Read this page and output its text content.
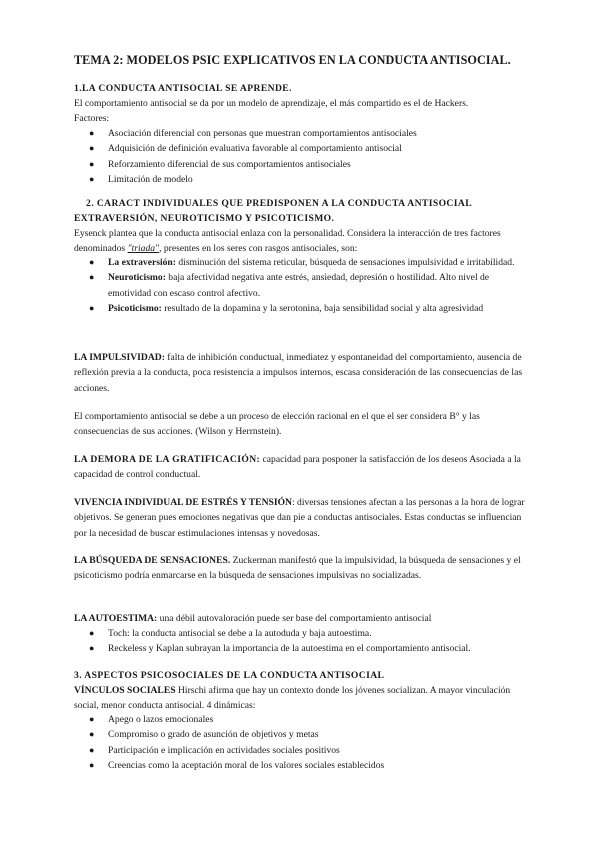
TEMA 2: MODELOS PSIC EXPLICATIVOS EN LA CONDUCTA ANTISOCIAL.

1.LA CONDUCTA ANTISOCIAL SE APRENDE.

El comportamiento antisocial se da por un modelo de aprendizaje, el más compartido es el de Hackers.
Factores:

● Asociación diferencial con personas que muestran comportamientos antisociales
● Adquisición de definición evaluativa favorable al comportamiento antisocial
● Reforzamiento diferencial de sus comportamientos antisociales
● Limitación de modelo

2. CARACT INDIVIDUALES QUE PREDISPONEN A LA CONDUCTA ANTISOCIAL
EXTRAVERSIÓN, NEUROTICISMO Y PSICOTICISMO.

Eysenck plantea que la conducta antisocial enlaza con la personalidad. Considera la interacción de tres factores denominados "triada", presentes en los seres con rasgos antisociales, son:

● La extraversión: disminución del sistema reticular, búsqueda de sensaciones impulsividad e irritabilidad.
● Neuroticismo: baja afectividad negativa ante estrés, ansiedad, depresión o hostilidad. Alto nivel de emotividad con escaso control afectivo.
● Psicoticismo: resultado de la dopamina y la serotonina, baja sensibilidad social y alta agresividad

LA IMPULSIVIDAD: falta de inhibición conductual, inmediatez y espontaneidad del comportamiento, ausencia de reflexión previa a la conducta, poca resistencia a impulsos internos, escasa consideración de las consecuencias de las acciones.

El comportamiento antisocial se debe a un proceso de elección racional en el que el ser considera B° y las consecuencias de sus acciones. (Wilson y Herrnstein).

LA DEMORA DE LA GRATIFICACIÓN: capacidad para posponer la satisfacción de los deseos Asociada a la capacidad de control conductual.

VIVENCIA INDIVIDUAL DE ESTRÉS Y TENSIÓN: diversas tensiones afectan a las personas a la hora de lograr objetivos. Se generan pues emociones negativas que dan pie a conductas antisociales. Estas conductas se influencian por la necesidad de buscar estimulaciones intensas y novedosas.

LA BÚSQUEDA DE SENSACIONES. Zuckerman manifestó que la impulsividad, la búsqueda de sensaciones y el psicoticismo podría enmarcarse en la búsqueda de sensaciones impulsivas no socializadas.

LA AUTOESTIMA: una débil autovaloración puede ser base del comportamiento antisocial

● Toch: la conducta antisocial se debe a la autoduda y baja autoestima.
● Reckeless y Kaplan subrayan la importancia de la autoestima en el comportamiento antisocial.

3. ASPECTOS PSICOSOCIALES DE LA CONDUCTA ANTISOCIAL

VÍNCULOS SOCIALES Hirschi afirma que hay un contexto donde los jóvenes socializan. A mayor vinculación social, menor conducta antisocial. 4 dinámicas:

● Apego o lazos emocionales
● Compromiso o grado de asunción de objetivos y metas
● Participación e implicación en actividades sociales positivos
● Creencias como la aceptación moral de los valores sociales establecidos
